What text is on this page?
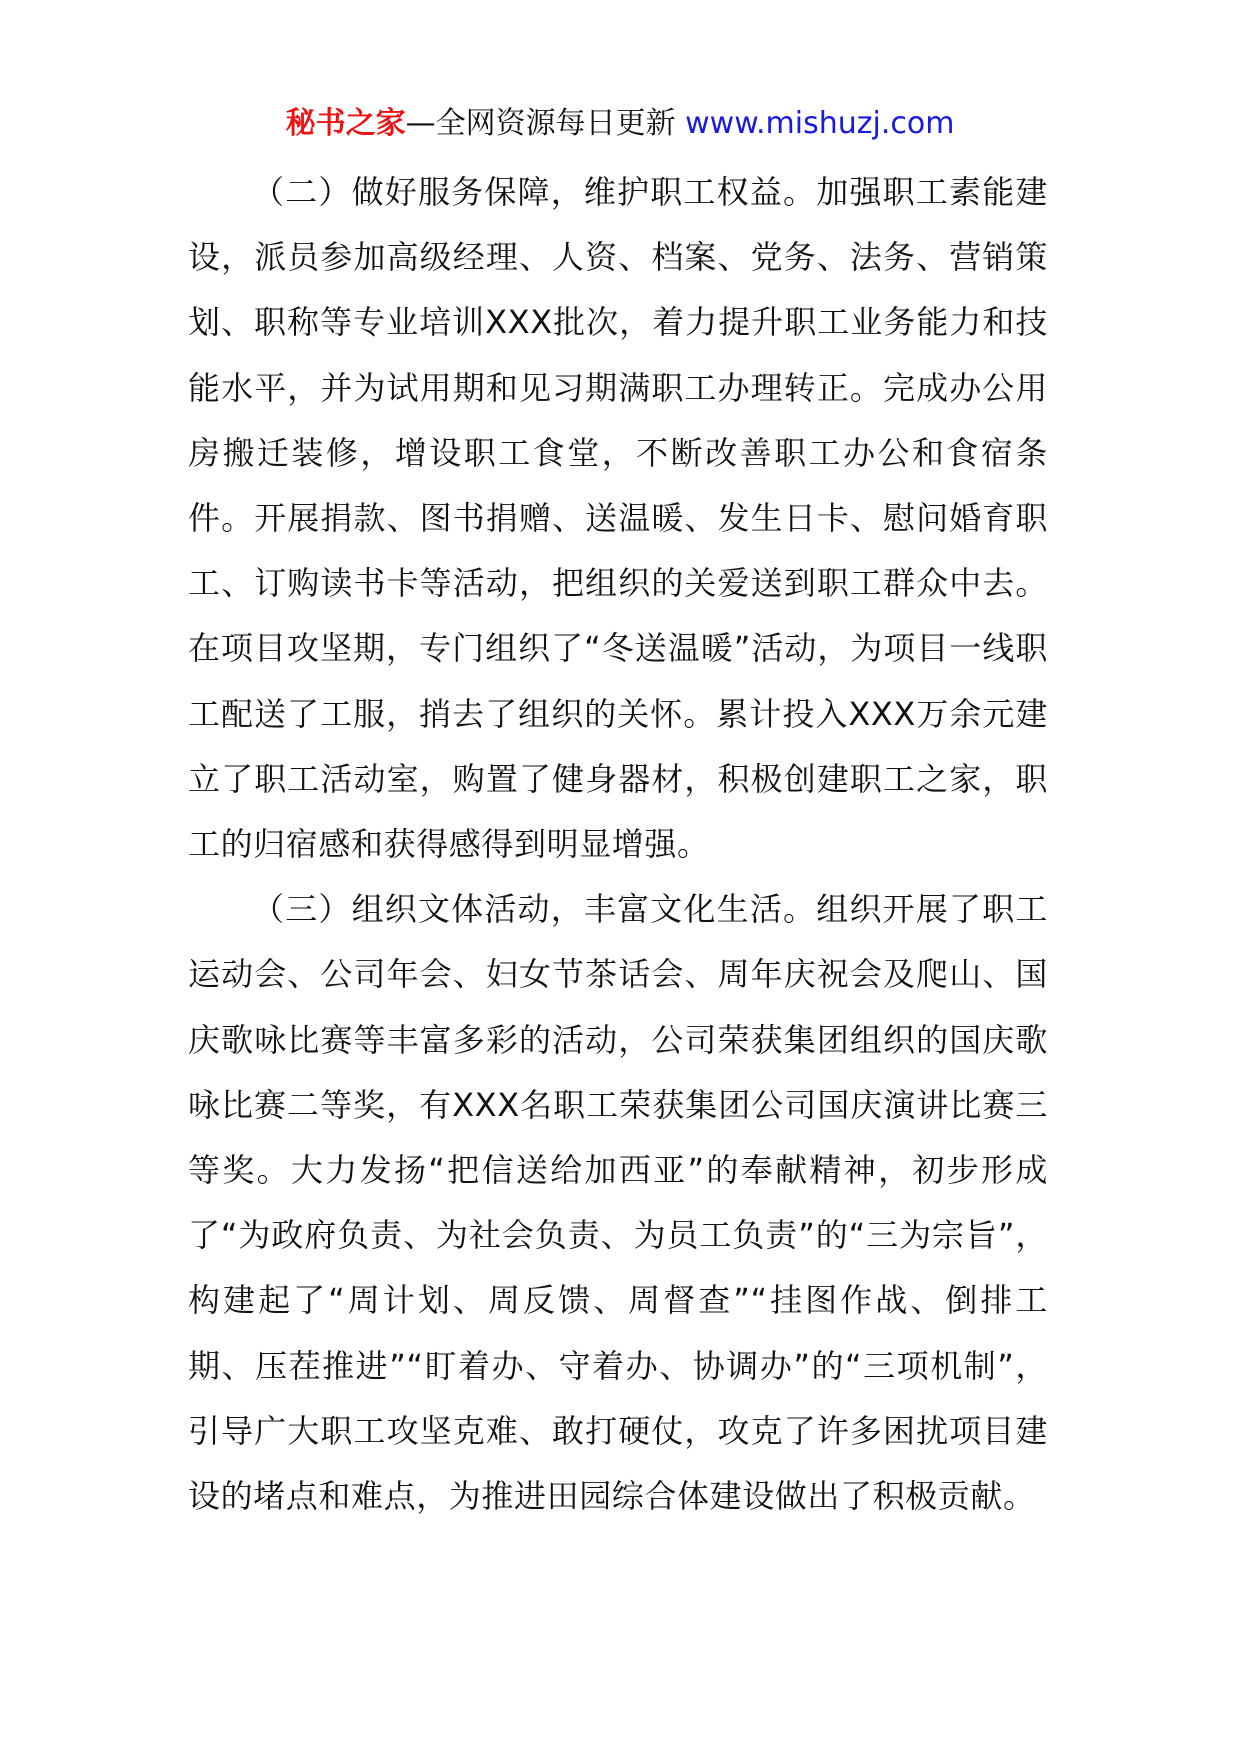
秘书之家—全网资源每日更新 www.mishuzj.com

（二）做好服务保障，维护职工权益。加强职工素能建设，派员参加高级经理、人资、档案、党务、法务、营销策划、职称等专业培训XXX批次，着力提升职工业务能力和技能水平，并为试用期和见习期满职工办理转正。完成办公用房搬迁装修，增设职工食堂，不断改善职工办公和食宿条件。开展捐款、图书捐赠、送温暖、发生日卡、慰问婚育职工、订购读书卡等活动，把组织的关爱送到职工群众中去。在项目攻坚期，专门组织了“冬送温暖”活动，为项目一线职工配送了工服，捎去了组织的关怀。累计投入XXX万余元建立了职工活动室，购置了健身器材，积极创建职工之家，职工的归宿感和获得感得到明显增强。

（三）组织文体活动，丰富文化生活。组织开展了职工运动会、公司年会、妇女节茶话会、周年庆祝会及爬山、国庆歌咏比赛等丰富多彩的活动，公司荣获集团组织的国庆歌咏比赛二等奖，有XXX名职工荣获集团公司国庆演讲比赛三等奖。大力发扬“把信送给加西亚”的奉献精神，初步形成了“为政府负责、为社会负责、为员工负责”的“三为宗旨”，构建起了“周计划、周反馈、周督查”“挂图作战、倒排工期、压茬推进”“盯着办、守着办、协调办”的“三项机制”，引导广大职工攻坚克难、敢打硬仗，攻克了许多困扰项目建设的堵点和难点，为推进田园综合体建设做出了积极贡献。
